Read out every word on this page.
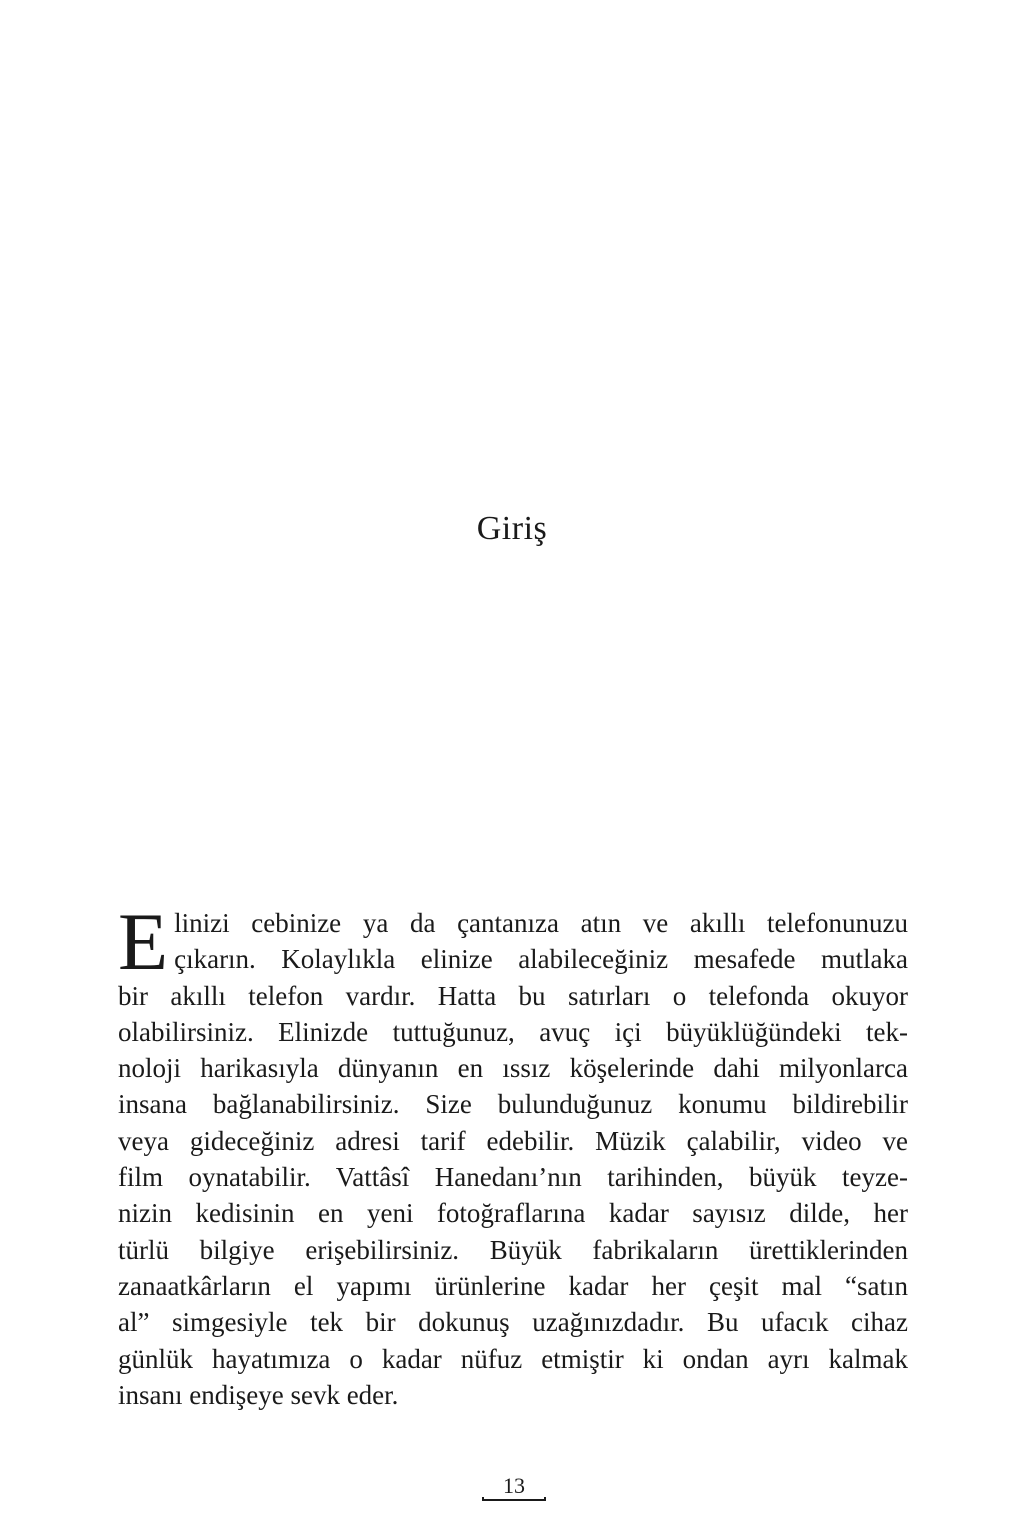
Giriş
E linizi cebinize ya da çantanıza atın ve akıllı telefonunuzu
çıkarın. Kolaylıkla elinize alabileceğiniz mesafede mutlaka
bir akıllı telefon vardır. Hatta bu satırları o telefonda okuyor
olabilirsiniz. Elinizde tuttuğunuz, avuç içi büyüklüğündeki tek-
noloji harikasıyla dünyanın en ıssız köşelerinde dahi milyonlarca
insana bağlanabilirsiniz. Size bulunduğunuz konumu bildirebilir
veya gideceğiniz adresi tarif edebilir. Müzik çalabilir, video ve
film oynatabilir. Vattâsî Hanedanı’nın tarihinden, büyük teyze-
nizin kedisinin en yeni fotoğraflarına kadar sayısız dilde, her
türlü bilgiye erişebilirsiniz. Büyük fabrikaların ürettiklerinden
zanaatkârların el yapımı ürünlerine kadar her çeşit mal “satın
al” simgesiyle tek bir dokunuş uzağınızdadır. Bu ufacık cihaz
günlük hayatımıza o kadar nüfuz etmiştir ki ondan ayrı kalmak
insanı endişeye sevk eder.
13
